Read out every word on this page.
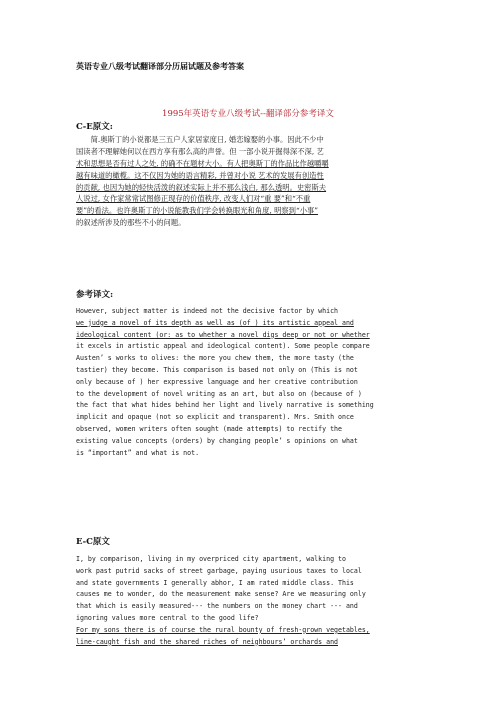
英语专业八级考试翻译部分历届试题及参考答案
1995年英语专业八级考试--翻译部分参考译文
C-E原文:
　　简.奥斯丁的小说都是三五户人家居家度日, 婚恋嫁娶的小事。因此不少中
国读者不理解她何以在西方享有那么高的声誉。但 一部小说开掘得深不深, 艺
术和思想是否有过人之处, 的确不在题材大小。有人把奥斯丁的作品比作越嚼嚼
越有味道的橄榄。这不仅因为她的语言精彩, 并曾对小说 艺术的发展有创造性
的贡献, 也因为她的轻快活泼的叙述实际上并不那么浅白, 那么透明。史密斯夫
人说过, 女作家常常试图修正现存的价值秩序, 改变人们对“重 要”和“不重
要”的看法。也许奥斯丁的小说能教我们学会转换眼光和角度, 明察到“小事”
的叙述所涉及的那些不小的问题。
参考译文:
However, subject matter is indeed not the decisive factor by which
we judge a novel of its depth as well as (of ) its artistic appeal and
ideological content (or: as to whether a novel digs deep or not or whether
it excels in artistic appeal and ideological content). Some people compare
Austen’ s works to olives: the more you chew them, the more tasty (the
tastier) they become. This comparison is based not only on (This is not
only because of ) her expressive language and her creative contribution
to the development of novel writing as an art, but also on (because of )
the fact that what hides behind her light and lively narrative is something
implicit and opaque (not so explicit and transparent). Mrs. Smith once
observed, women writers often sought (made attempts) to rectify the
existing value concepts (orders) by changing people’ s opinions on what
is “important” and what is not.
E-C原文
I, by comparison, living in my overpriced city apartment, walking to
work past putrid sacks of street garbage, paying usurious taxes to local
and state governments I generally abhor, I am rated middle class. This
causes me to wonder, do the measurement make sense? Are we measuring only
that which is easily measured--- the numbers on the money chart --- and
ignoring values more central to the good life?
For my sons there is of course the rural bounty of fresh-grown vegetables,
line-caught fish and the shared riches of neighbours’ orchards and
